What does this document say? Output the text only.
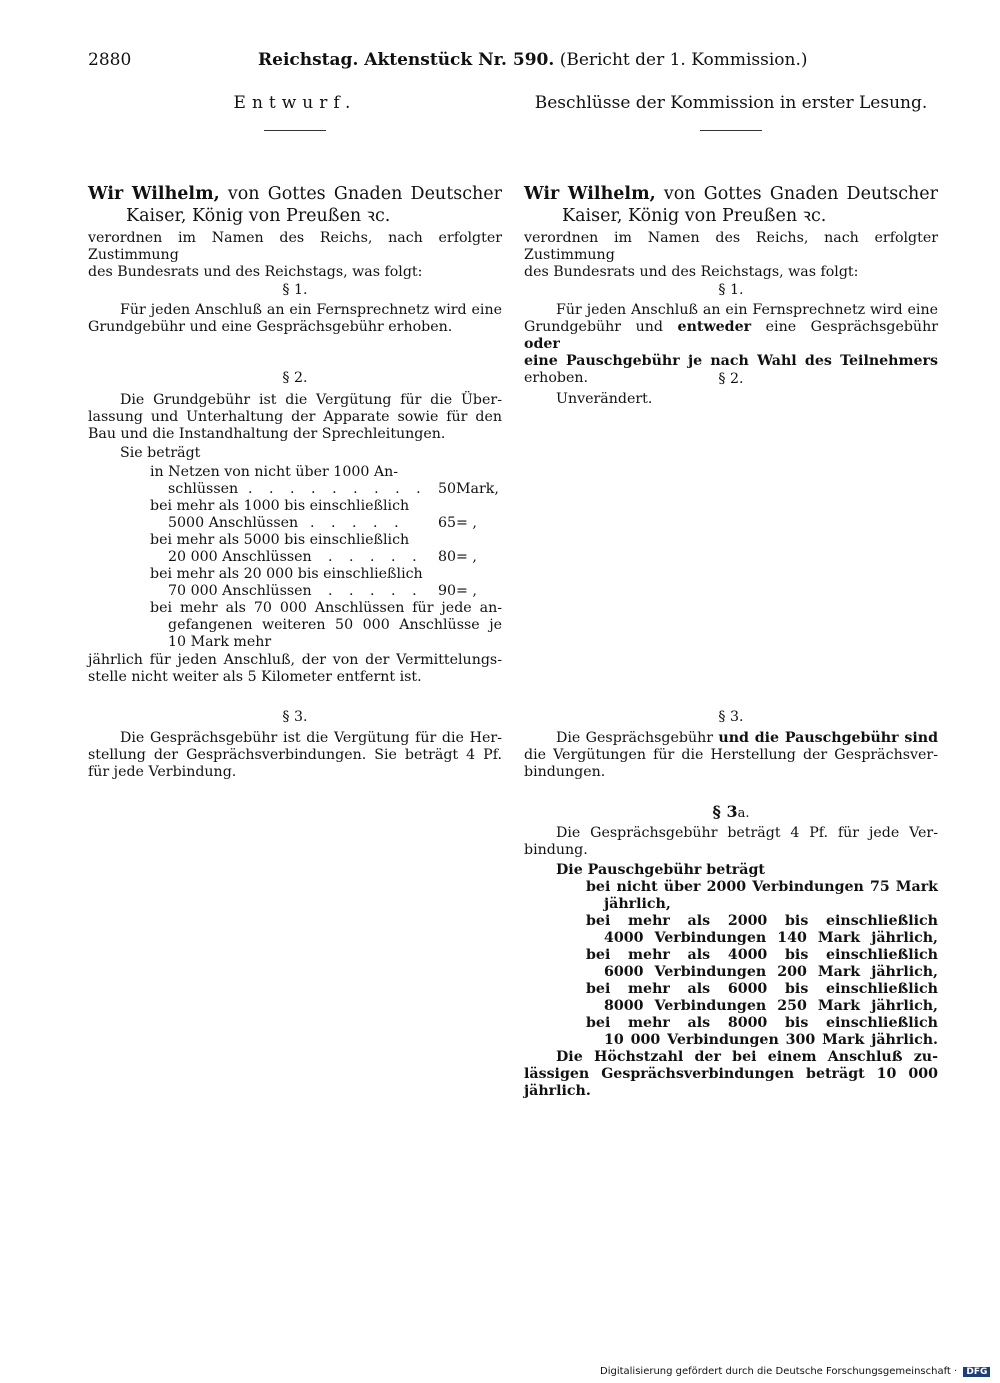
2880	Reichstag. Aktenstück Nr. 590. (Bericht der 1. Kommission.)
Entwurf.
Wir Wilhelm, von Gottes Gnaden Deutscher
Kaiser, König von Preußen ꝛc.
verordnen im Namen des Reichs, nach erfolgter Zustimmung
des Bundesrats und des Reichstags, was folgt:
§ 1.
Für jeden Anschluß an ein Fernsprechnetz wird eine
Grundgebühr und eine Gesprächsgebühr erhoben.
§ 2.
Die Grundgebühr ist die Vergütung für die Über-
lassung und Unterhaltung der Apparate sowie für den
Bau und die Instandhaltung der Sprechleitungen.
Sie beträgt
in Netzen von nicht über 1000 An-
schlüssen . . . . . . . . . 50 Mark,
bei mehr als 1000 bis einschließlich
5000 Anschlüssen . . . . . 65 = ,
bei mehr als 5000 bis einschließlich
20 000 Anschlüssen . . . . . 80 = ,
bei mehr als 20 000 bis einschließlich
70 000 Anschlüssen . . . . . 90 = ,
bei mehr als 70 000 Anschlüssen für jede an-
gefangenen weiteren 50 000 Anschlüsse je
10 Mark mehr
jährlich für jeden Anschluß, der von der Vermittelungs-
stelle nicht weiter als 5 Kilometer entfernt ist.
§ 3.
Die Gesprächsgebühr ist die Vergütung für die Her-
stellung der Gesprächsverbindungen. Sie beträgt 4 Pf.
für jede Verbindung.
Beschlüsse der Kommission in erster Lesung.
Wir Wilhelm, von Gottes Gnaden Deutscher
Kaiser, König von Preußen ꝛc.
verordnen im Namen des Reichs, nach erfolgter Zustimmung
des Bundesrats und des Reichstags, was folgt:
§ 1.
Für jeden Anschluß an ein Fernsprechnetz wird eine
Grundgebühr und entweder eine Gesprächsgebühr oder
eine Pauschgebühr je nach Wahl des Teilnehmers
erhoben.	§ 2.
Unverändert.
§ 3.
Die Gesprächsgebühr und die Pauschgebühr sind
die Vergütungen für die Herstellung der Gesprächsver-
bindungen.
§ 3a.
Die Gesprächsgebühr beträgt 4 Pf. für jede Ver-
bindung.
Die Pauschgebühr beträgt
bei nicht über 2000 Verbindungen 75 Mark
jährlich,
bei mehr als 2000 bis einschließlich
4000 Verbindungen 140 Mark jährlich,
bei mehr als 4000 bis einschließlich
6000 Verbindungen 200 Mark jährlich,
bei mehr als 6000 bis einschließlich
8000 Verbindungen 250 Mark jährlich,
bei mehr als 8000 bis einschließlich
10 000 Verbindungen 300 Mark jährlich.
Die Höchstzahl der bei einem Anschluß zu-
lässigen Gesprächsverbindungen beträgt 10 000
jährlich.
Digitalisierung gefördert durch die Deutsche Forschungsgemeinschaft · DFG
